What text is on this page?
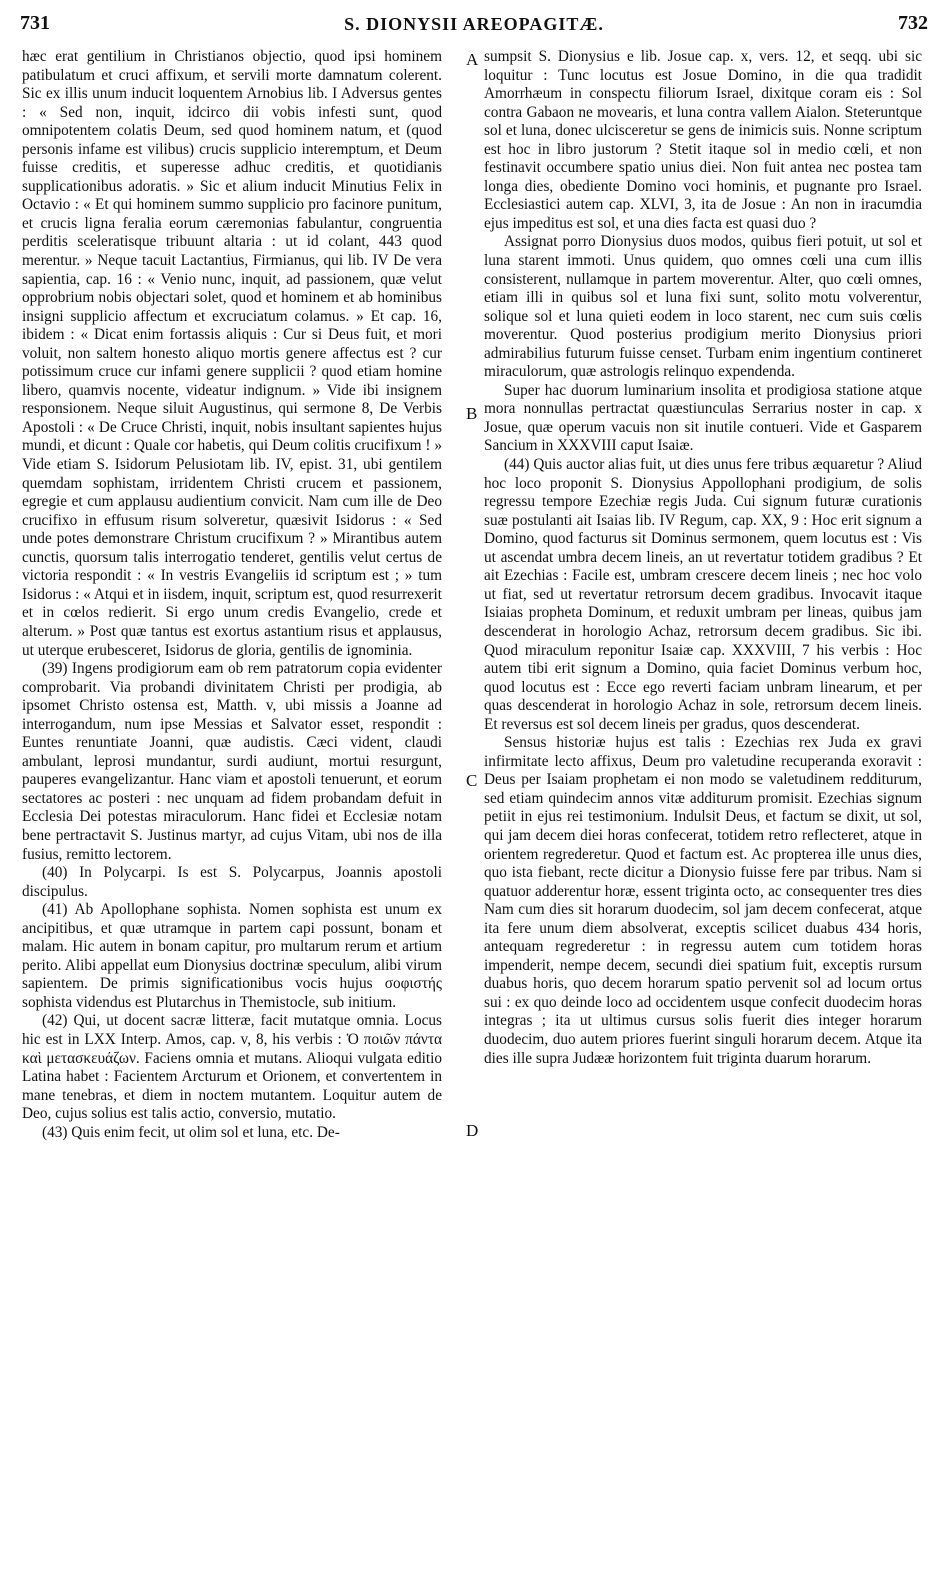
731	S. DIONYSII AREOPAGITÆ.	732
A
B
C
D

hæc erat gentilium in Christianos objectio, quod ipsi hominem patibulatum et cruci affixum, et servili morte damnatum colerent. Sic ex illis unum inducit loquentem Arnobius lib. I Adversus gentes : « Sed non, inquit, idcirco dii vobis infesti sunt, quod omnipotentem colatis Deum, sed quod hominem natum, et (quod personis infame est vilibus) crucis supplicio interemptum, et Deum fuisse creditis, et superesse adhuc creditis, et quotidianis supplicationibus adoratis. » Sic et alium inducit Minutius Felix in Octavio : « Et qui hominem summo supplicio pro facinore punitum, et crucis ligna feralia eorum cæremonias fabulantur, congruentia perditis sceleratisque tribuunt altaria : ut id colant, 443 quod merentur. » Neque tacuit Lactantius, Firmianus, qui lib. IV De vera sapientia, cap. 16 : « Venio nunc, inquit, ad passionem, quæ velut opprobrium nobis objectari solet, quod et hominem et ab hominibus insigni supplicio affectum et excruciatum colamus. » Et cap. 16, ibidem : « Dicat enim fortassis aliquis : Cur si Deus fuit, et mori voluit, non saltem honesto aliquo mortis genere affectus est ? cur potissimum cruce cur infami genere supplicii ? quod etiam homine libero, quamvis nocente, videatur indignum. » Vide ibi insignem responsionem. Neque siluit Augustinus, qui sermone 8, De Verbis Apostoli : « De Cruce Christi, inquit, nobis insultant sapientes hujus mundi, et dicunt : Quale cor habetis, qui Deum colitis crucifixum ! » Vide etiam S. Isidorum Pelusiotam lib. IV, epist. 31, ubi gentilem quemdam sophistam, irridentem Christi crucem et passionem, egregie et cum applausu audientium convicit. Nam cum ille de Deo crucifixo in effusum risum solveretur, quæsivit Isidorus : « Sed unde potes demonstrare Christum crucifixum ? » Mirantibus autem cunctis, quorsum talis interrogatio tenderet, gentilis velut certus de victoria respondit : « In vestris Evangeliis id scriptum est ; » tum Isidorus : « Atqui et in iisdem, inquit, scriptum est, quod resurrexerit et in cœlos redierit. Si ergo unum credis Evangelio, crede et alterum. » Post quæ tantus est exortus astantium risus et applausus, ut uterque erubesceret, Isidorus de gloria, gentilis de ignominia.

(39) Ingens prodigiorum eam ob rem patratorum copia evidenter comprobarit. Via probandi divinitatem Christi per prodigia, ab ipsomet Christo ostensa est, Matth. v, ubi missis a Joanne ad interrogandum, num ipse Messias et Salvator esset, respondit : Euntes renuntiate Joanni, quæ audistis. Cæci vident, claudi ambulant, leprosi mundantur, surdi audiunt, mortui resurgunt, pauperes evangelizantur. Hanc viam et apostoli tenuerunt, et eorum sectatores ac posteri : nec unquam ad fidem probandam defuit in Ecclesia Dei potestas miraculorum. Hanc fidei et Ecclesiæ notam bene pertractavit S. Justinus martyr, ad cujus Vitam, ubi nos de illa fusius, remitto lectorem.

(40) In Polycarpi. Is est S. Polycarpus, Joannis apostoli discipulus.

(41) Ab Apollophane sophista. Nomen sophista est unum ex ancipitibus, et quæ utramque in partem capi possunt, bonam et malam. Hic autem in bonam capitur, pro multarum rerum et artium perito. Alibi appellat eum Dionysius doctrinæ speculum, alibi virum sapientem. De primis significationibus vocis hujus σοφιστής sophista videndus est Plutarchus in Themistocle, sub initium.

(42) Qui, ut docent sacræ litteræ, facit mutatque omnia. Locus hic est in LXX Interp. Amos, cap. v, 8, his verbis : Ὁ ποιῶν πάντα καὶ μετασκευάζων. Faciens omnia et mutans. Alioqui vulgata editio Latina habet : Facientem Arcturum et Orionem, et convertentem in mane tenebras, et diem in noctem mutantem. Loquitur autem de Deo, cujus solius est talis actio, conversio, mutatio.

(43) Quis enim fecit, ut olim sol et luna, etc. De-

sumpsit S. Dionysius e lib. Josue cap. x, vers. 12, et seqq. ubi sic loquitur : Tunc locutus est Josue Domino, in die qua tradidit Amorrhæum in conspectu filiorum Israel, dixitque coram eis : Sol contra Gabaon ne movearis, et luna contra vallem Aialon. Steteruntque sol et luna, donec ulcisceretur se gens de inimicis suis. Nonne scriptum est hoc in libro justorum ? Stetit itaque sol in medio cœli, et non festinavit occumbere spatio unius diei. Non fuit antea nec postea tam longa dies, obediente Domino voci hominis, et pugnante pro Israel. Ecclesiastici autem cap. XLVI, 3, ita de Josue : An non in iracumdia ejus impeditus est sol, et una dies facta est quasi duo ?

Assignat porro Dionysius duos modos, quibus fieri potuit, ut sol et luna starent immoti. Unus quidem, quo omnes cœli una cum illis consisterent, nullamque in partem moverentur. Alter, quo cœli omnes, etiam illi in quibus sol et luna fixi sunt, solito motu volverentur, solique sol et luna quieti eodem in loco starent, nec cum suis cœlis moverentur. Quod posterius prodigium merito Dionysius priori admirabilius futurum fuisse censet. Turbam enim ingentium contineret miraculorum, quæ astrologis relinquo expendenda.

Super hac duorum luminarium insolita et prodigiosa statione atque mora nonnullas pertractat quæstiunculas Serrarius noster in cap. x Josue, quæ operum vacuis non sit inutile contueri. Vide et Gasparem Sancium in XXXVIII caput Isaiæ.

(44) Quis auctor alias fuit, ut dies unus fere tribus æquaretur ? Aliud hoc loco proponit S. Dionysius Appollophani prodigium, de solis regressu tempore Ezechiæ regis Juda. Cui signum futuræ curationis suæ postulanti ait Isaias lib. IV Regum, cap. XX, 9 : Hoc erit signum a Domino, quod facturus sit Dominus sermonem, quem locutus est : Vis ut ascendat umbra decem lineis, an ut revertatur totidem gradibus ? Et ait Ezechias : Facile est, umbram crescere decem lineis ; nec hoc volo ut fiat, sed ut revertatur retrorsum decem gradibus. Invocavit itaque Isiaias propheta Dominum, et reduxit umbram per lineas, quibus jam descenderat in horologio Achaz, retrorsum decem gradibus. Sic ibi. Quod miraculum reponitur Isaiæ cap. XXXVIII, 7 his verbis : Hoc autem tibi erit signum a Domino, quia faciet Dominus verbum hoc, quod locutus est : Ecce ego reverti faciam unbram linearum, et per quas descenderat in horologio Achaz in sole, retrorsum decem lineis. Et reversus est sol decem lineis per gradus, quos descenderat.

Sensus historiæ hujus est talis : Ezechias rex Juda ex gravi infirmitate lecto affixus, Deum pro valetudine recuperanda exoravit : Deus per Isaiam prophetam ei non modo se valetudinem redditurum, sed etiam quindecim annos vitæ additurum promisit. Ezechias signum petiit in ejus rei testimonium. Indulsit Deus, et factum se dixit, ut sol, qui jam decem diei horas confecerat, totidem retro reflecteret, atque in orientem regrederetur. Quod et factum est. Ac propterea ille unus dies, quo ista fiebant, recte dicitur a Dionysio fuisse fere par tribus. Nam si quatuor adderentur horæ, essent triginta octo, ac consequenter tres dies Nam cum dies sit horarum duodecim, sol jam decem confecerat, atque ita fere unum diem absolverat, exceptis scilicet duabus 434 horis, antequam regrederetur : in regressu autem cum totidem horas impenderit, nempe decem, secundi diei spatium fuit, exceptis rursum duabus horis, quo decem horarum spatio pervenit sol ad locum ortus sui : ex quo deinde loco ad occidentem usque confecit duodecim horas integras ; ita ut ultimus cursus solis fuerit dies integer horarum duodecim, duo autem priores fuerint singuli horarum decem. Atque ita dies ille supra Judææ horizontem fuit triginta duarum horarum.
